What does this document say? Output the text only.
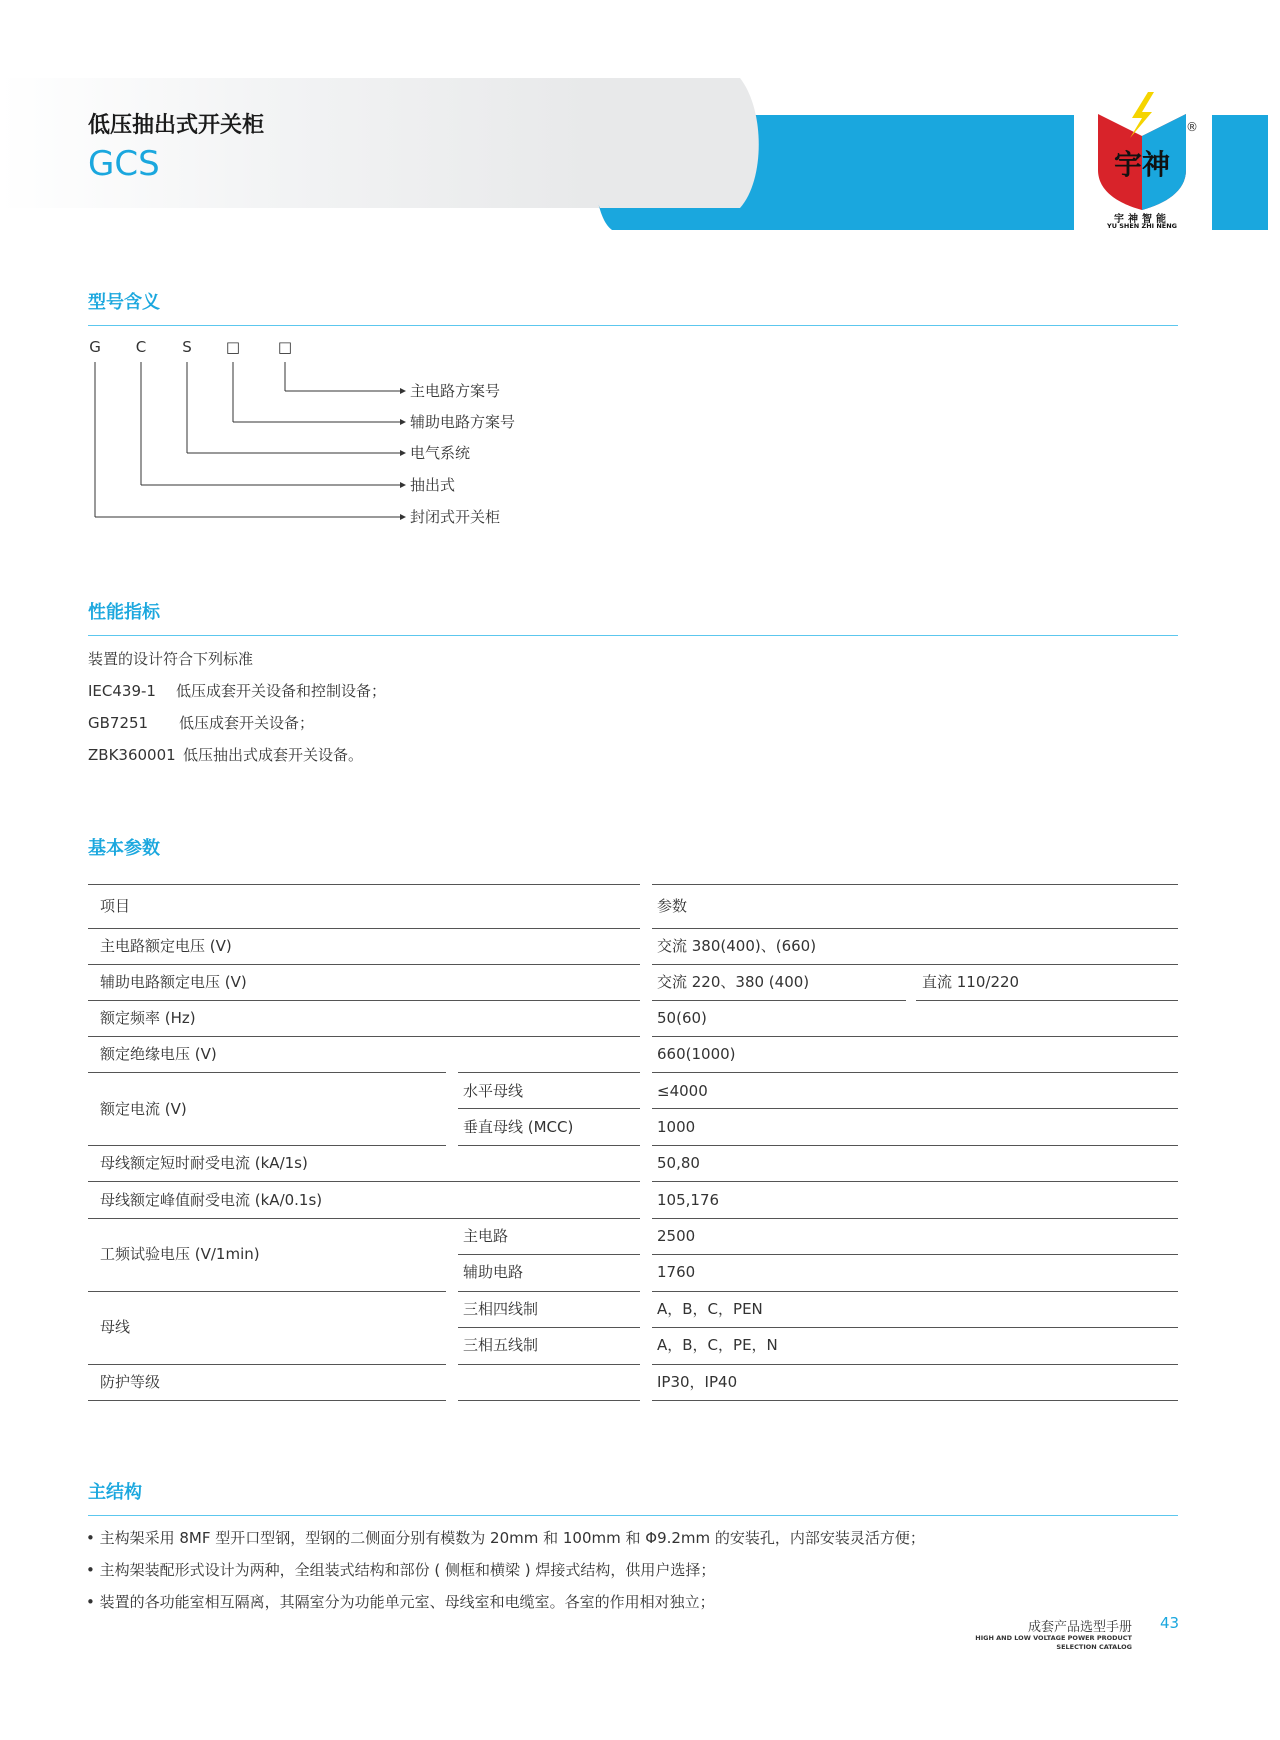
低压抽出式开关柜
GCS	宇神
宇神智能
YU SHEN ZHI NENG
®
型号含义
G C S □	□
主电路方案号
辅助电路方案号
电气系统
抽出式
封闭式开关柜
性能指标
装置的设计符合下列标准
IEC439-1 低压成套开关设备和控制设备；
GB7251 低压成套开关设备；
ZBK360001 低压抽出式成套开关设备。
基本参数
项目	参数
主电路额定电压 (V)	交流 380(400)、(660)
辅助电路额定电压 (V)	交流 220、380 (400)	直流 110/220
额定频率 (Hz)	50(60)
额定绝缘电压 (V)	660(1000)
额定电流 (V)
水平母线	≤4000
垂直母线 (MCC)	1000
母线额定短时耐受电流 (kA/1s)	50,80
母线额定峰值耐受电流 (kA/0.1s)	105,176
工频试验电压 (V/1min)
主电路	2500
辅助电路	1760
母线
三相四线制	A，B，C，PEN
三相五线制	A，B，C，PE，N
防护等级	IP30，IP40
主结构
• 主构架采用 8MF 型开口型钢，型钢的二侧面分别有模数为 20mm 和 100mm 和 Φ9.2mm 的安装孔，内部安装灵活方便；
• 主构架装配形式设计为两种，全组装式结构和部份 ( 侧框和横梁 ) 焊接式结构，供用户选择；
• 装置的各功能室相互隔离，其隔室分为功能单元室、母线室和电缆室。各室的作用相对独立；
成套产品选型手册
HIGH AND LOW VOLTAGE POWER PRODUCT
SELECTION CATALOG
43
